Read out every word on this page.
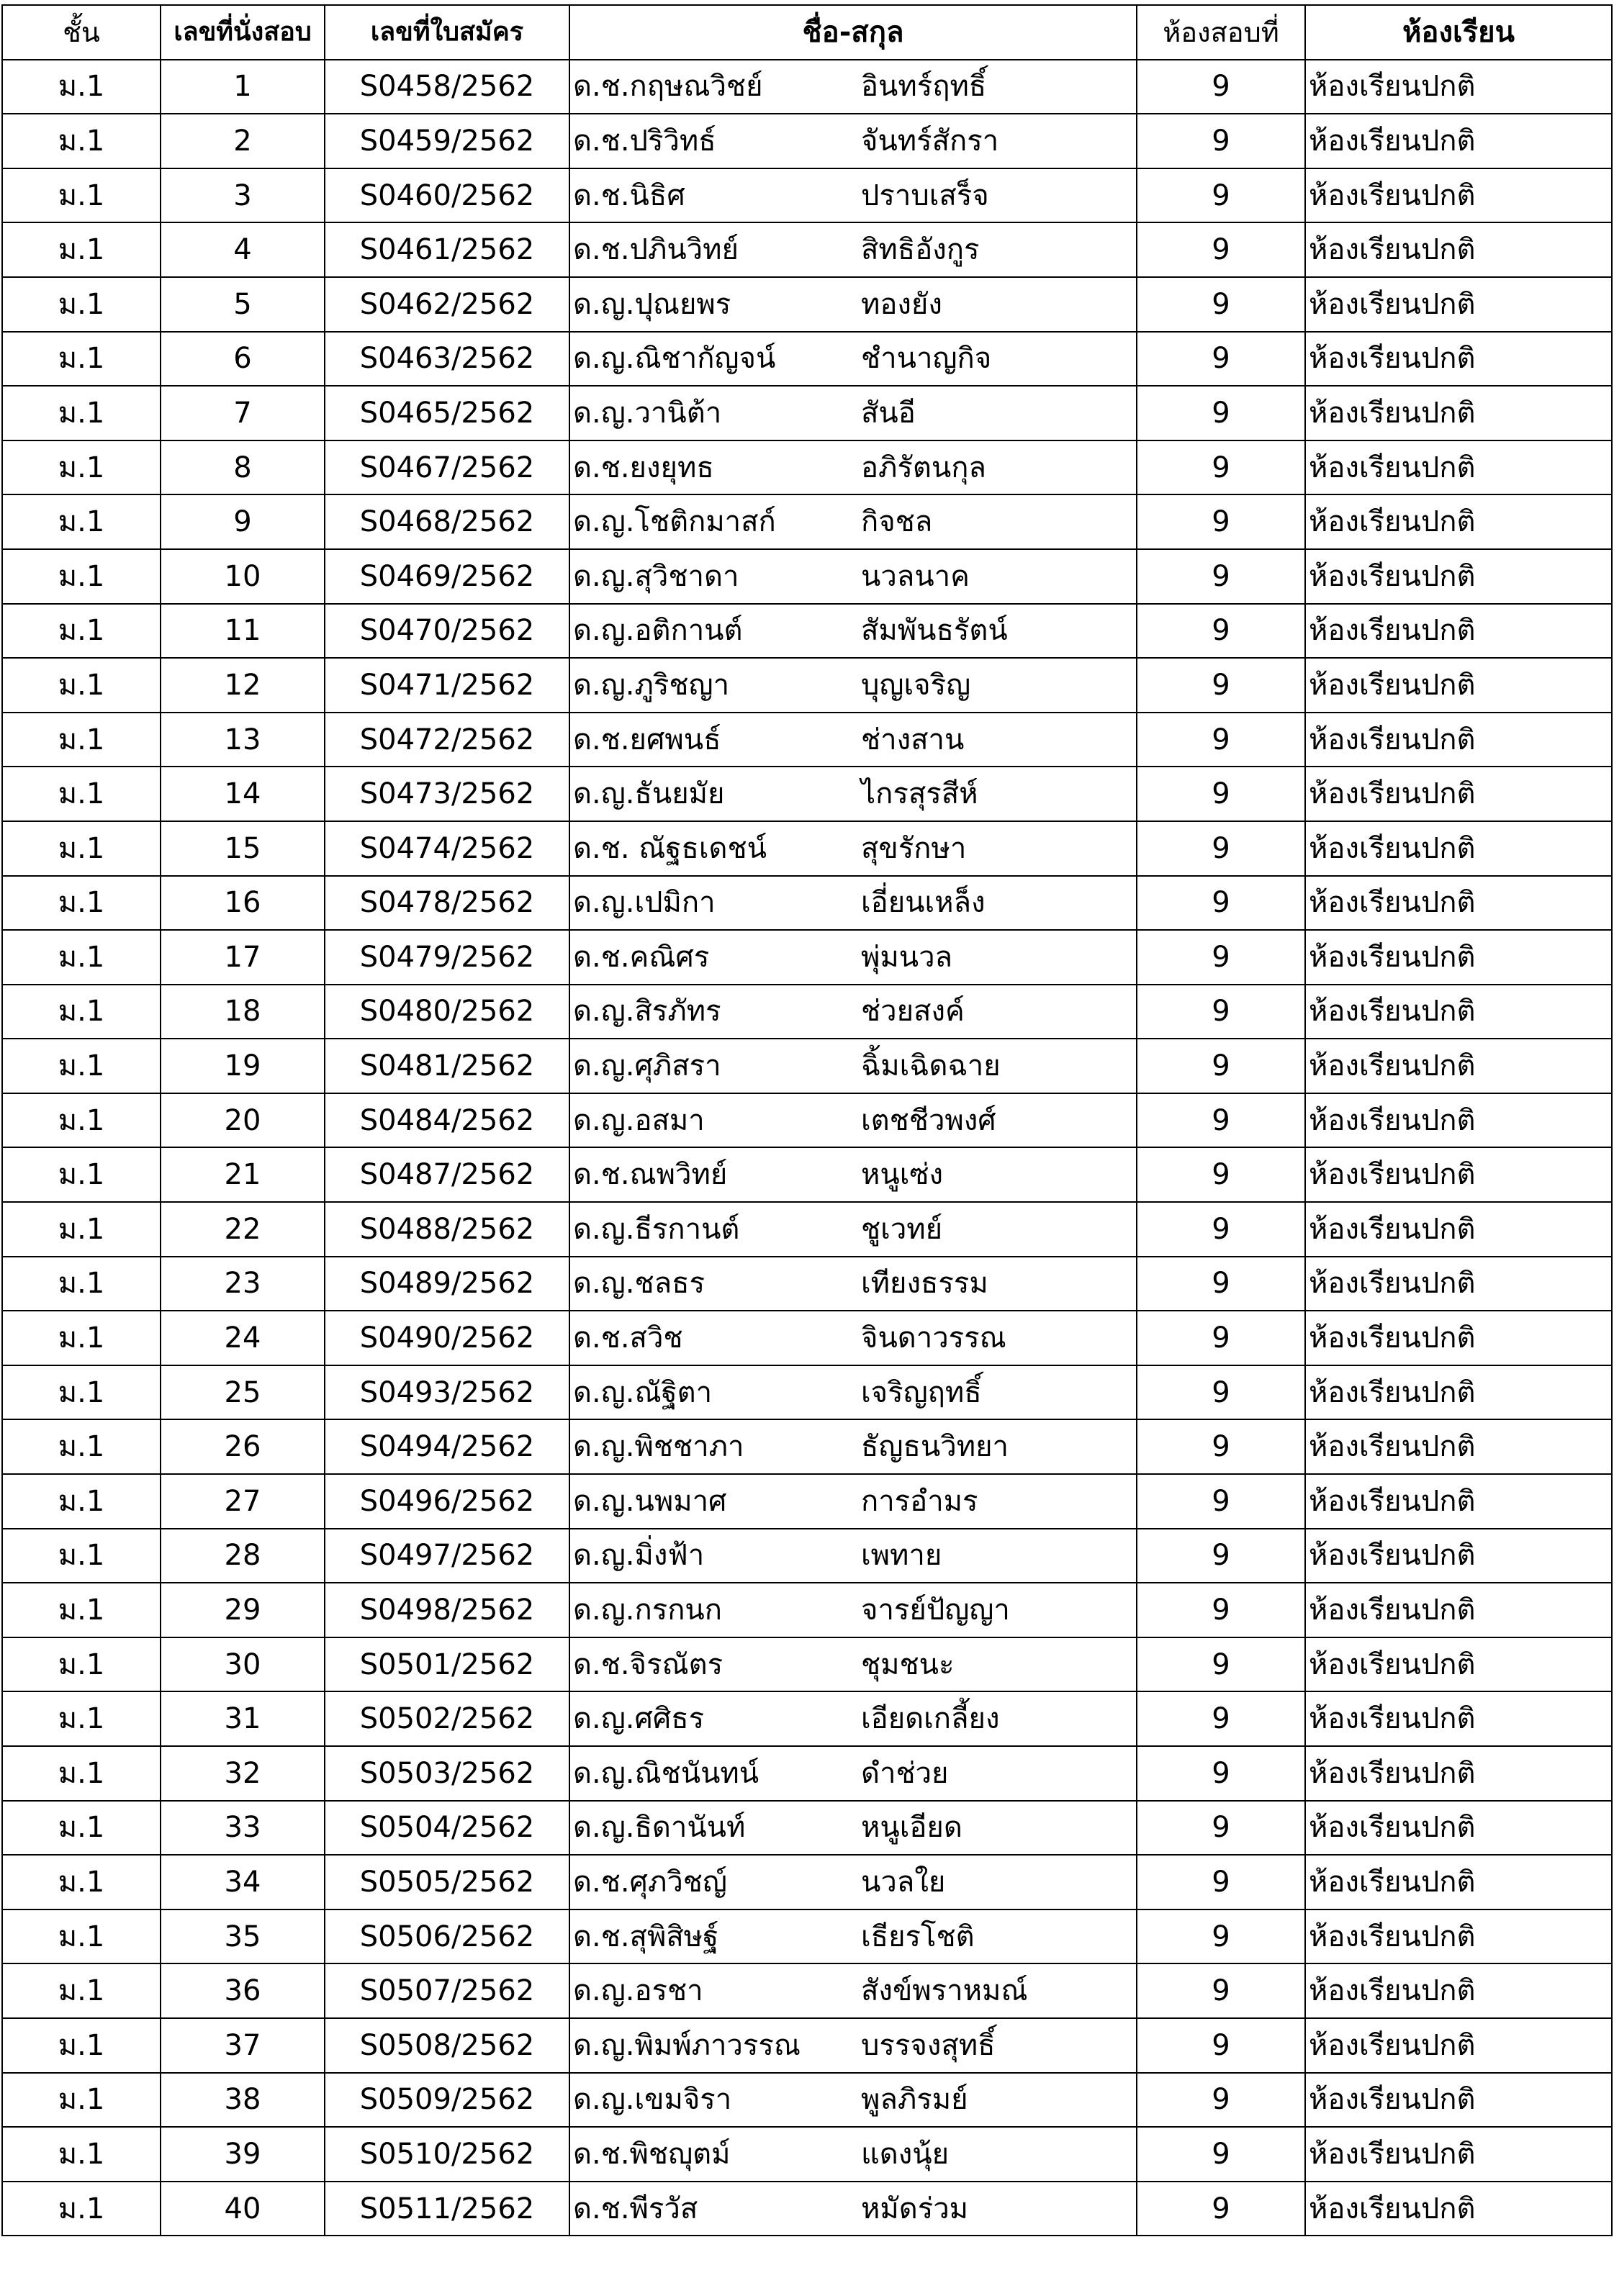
ชั้น	เลขที่นั่งสอบ	เลขที่ใบสมัคร	ชื่อ-สกุล	ห้องสอบที่	ห้องเรียน
ม.1	1	S0458/2562	ด.ช.กฤษณวิชย์ อินทร์ฤทธิ์	9	ห้องเรียนปกติ
ม.1	2	S0459/2562	ด.ช.ปริวิทธ์ จันทร์สักรา	9	ห้องเรียนปกติ
ม.1	3	S0460/2562	ด.ช.นิธิศ ปราบเสร็จ	9	ห้องเรียนปกติ
ม.1	4	S0461/2562	ด.ช.ปภินวิทย์ สิทธิอังกูร	9	ห้องเรียนปกติ
ม.1	5	S0462/2562	ด.ญ.ปุณยพร ทองยัง	9	ห้องเรียนปกติ
ม.1	6	S0463/2562	ด.ญ.ณิชากัญจน์ ชำนาญกิจ	9	ห้องเรียนปกติ
ม.1	7	S0465/2562	ด.ญ.วานิต้า สันอี	9	ห้องเรียนปกติ
ม.1	8	S0467/2562	ด.ช.ยงยุทธ อภิรัตนกุล	9	ห้องเรียนปกติ
ม.1	9	S0468/2562	ด.ญ.โชติกมาสก์ กิจชล	9	ห้องเรียนปกติ
ม.1	10	S0469/2562	ด.ญ.สุวิชาดา นวลนาค	9	ห้องเรียนปกติ
ม.1	11	S0470/2562	ด.ญ.อติกานต์ สัมพันธรัตน์	9	ห้องเรียนปกติ
ม.1	12	S0471/2562	ด.ญ.ภูริชญา บุญเจริญ	9	ห้องเรียนปกติ
ม.1	13	S0472/2562	ด.ช.ยศพนธ์ ช่างสาน	9	ห้องเรียนปกติ
ม.1	14	S0473/2562	ด.ญ.ธันยมัย ไกรสุรสีห์	9	ห้องเรียนปกติ
ม.1	15	S0474/2562	ด.ช. ณัฐธเดชน์ สุขรักษา	9	ห้องเรียนปกติ
ม.1	16	S0478/2562	ด.ญ.เปมิกา เอี่ยนเหล็ง	9	ห้องเรียนปกติ
ม.1	17	S0479/2562	ด.ช.คณิศร พุ่มนวล	9	ห้องเรียนปกติ
ม.1	18	S0480/2562	ด.ญ.สิรภัทร ช่วยสงค์	9	ห้องเรียนปกติ
ม.1	19	S0481/2562	ด.ญ.ศุภิสรา ฉิ้มเฉิดฉาย	9	ห้องเรียนปกติ
ม.1	20	S0484/2562	ด.ญ.อสมา เตชชีวพงศ์	9	ห้องเรียนปกติ
ม.1	21	S0487/2562	ด.ช.ณพวิทย์ หนูเซ่ง	9	ห้องเรียนปกติ
ม.1	22	S0488/2562	ด.ญ.ธีรกานต์ ชูเวทย์	9	ห้องเรียนปกติ
ม.1	23	S0489/2562	ด.ญ.ชลธร เทียงธรรม	9	ห้องเรียนปกติ
ม.1	24	S0490/2562	ด.ช.สวิช จินดาวรรณ	9	ห้องเรียนปกติ
ม.1	25	S0493/2562	ด.ญ.ณัฐิตา เจริญฤทธิ์	9	ห้องเรียนปกติ
ม.1	26	S0494/2562	ด.ญ.พิชชาภา ธัญธนวิทยา	9	ห้องเรียนปกติ
ม.1	27	S0496/2562	ด.ญ.นพมาศ การอำมร	9	ห้องเรียนปกติ
ม.1	28	S0497/2562	ด.ญ.มิ่งฟ้า เพทาย	9	ห้องเรียนปกติ
ม.1	29	S0498/2562	ด.ญ.กรกนก จารย์ปัญญา	9	ห้องเรียนปกติ
ม.1	30	S0501/2562	ด.ช.จิรณัตร ชุมชนะ	9	ห้องเรียนปกติ
ม.1	31	S0502/2562	ด.ญ.ศศิธร เอียดเกลี้ยง	9	ห้องเรียนปกติ
ม.1	32	S0503/2562	ด.ญ.ณิชนันทน์ ดำช่วย	9	ห้องเรียนปกติ
ม.1	33	S0504/2562	ด.ญ.ธิดานันท์ หนูเอียด	9	ห้องเรียนปกติ
ม.1	34	S0505/2562	ด.ช.ศุภวิชญ์ นวลใย	9	ห้องเรียนปกติ
ม.1	35	S0506/2562	ด.ช.สุพิสิษฐ์ เธียรโชติ	9	ห้องเรียนปกติ
ม.1	36	S0507/2562	ด.ญ.อรชา สังข์พราหมณ์	9	ห้องเรียนปกติ
ม.1	37	S0508/2562	ด.ญ.พิมพ์ภาวรรณ บรรจงสุทธิ์	9	ห้องเรียนปกติ
ม.1	38	S0509/2562	ด.ญ.เขมจิรา พูลภิรมย์	9	ห้องเรียนปกติ
ม.1	39	S0510/2562	ด.ช.พิชญุตม์ แดงนุ้ย	9	ห้องเรียนปกติ
ม.1	40	S0511/2562	ด.ช.พีรวัส หมัดร่วม	9	ห้องเรียนปกติ
